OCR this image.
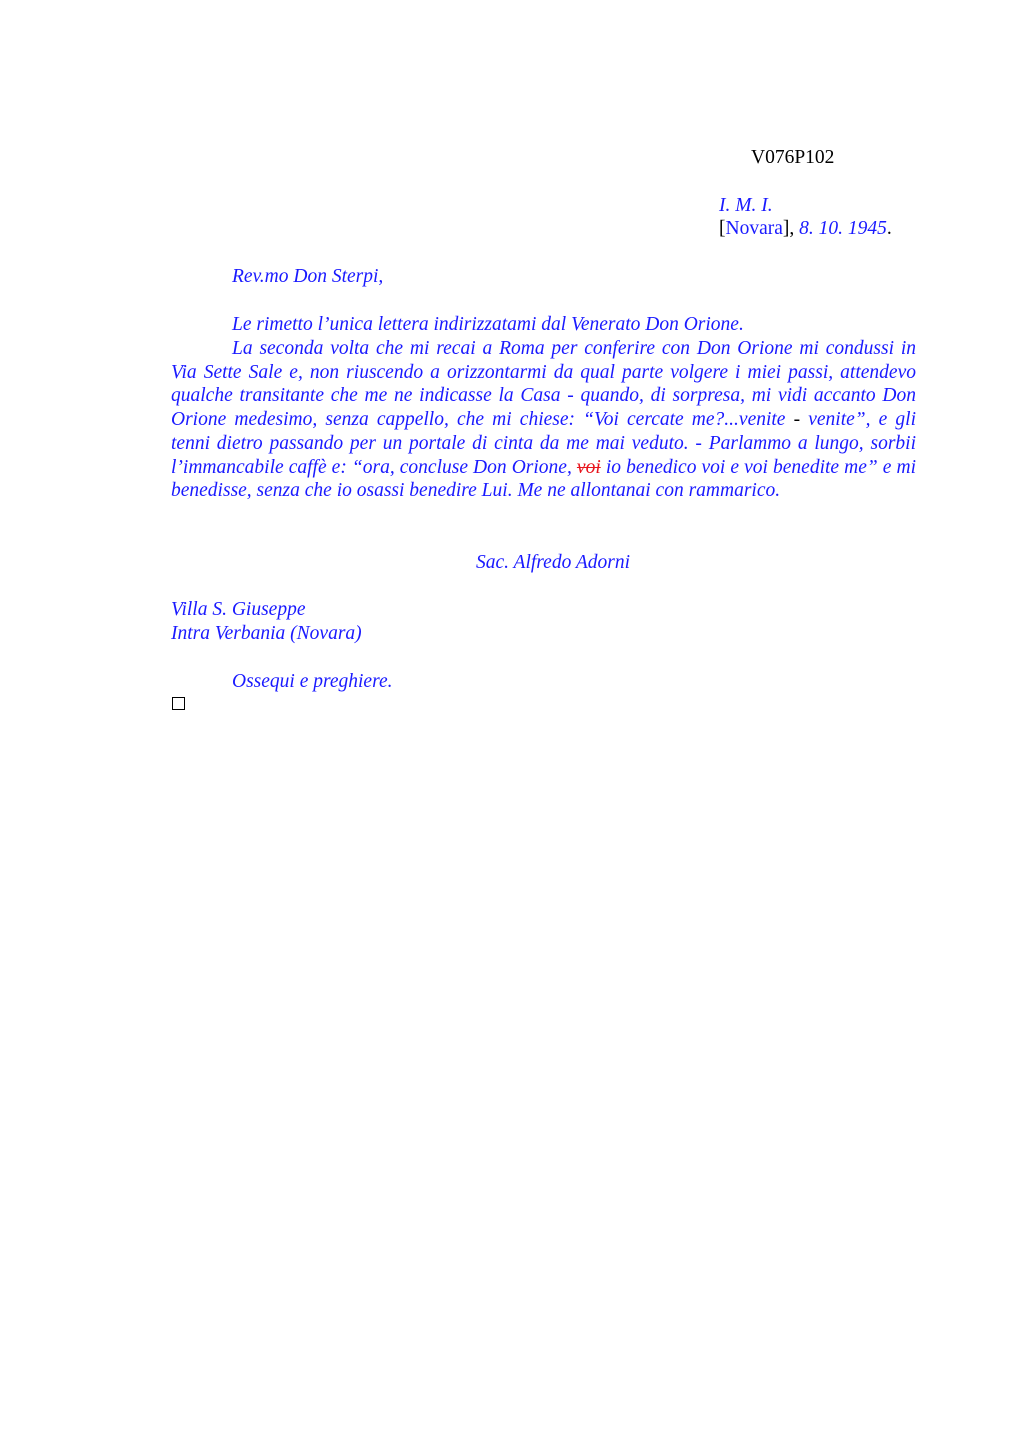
V076P102
I. M. I.
[Novara], 8. 10. 1945.
Rev.mo Don Sterpi,
Le rimetto l’unica lettera indirizzatami dal Venerato Don Orione.
La seconda volta che mi recai a Roma per conferire con Don Orione mi condussi in Via Sette Sale e, non riuscendo a orizzontarmi da qual parte volgere i miei passi, attendevo qualche transitante che me ne indicasse la Casa - quando, di sorpresa, mi vidi accanto Don Orione medesimo, senza cappello, che mi chiese: “Voi cercate me?...venite - venite”, e gli tenni dietro passando per un portale di cinta da me mai veduto. - Parlammo a lungo, sorbii l’immancabile caffè e: “ora, concluse Don Orione, voi io benedico voi e voi benedite me” e mi benedisse, senza che io osassi benedire Lui. Me ne allontanai con rammarico.
Sac. Alfredo Adorni
Villa S. Giuseppe
Intra Verbania (Novara)
Ossequi e preghiere.
